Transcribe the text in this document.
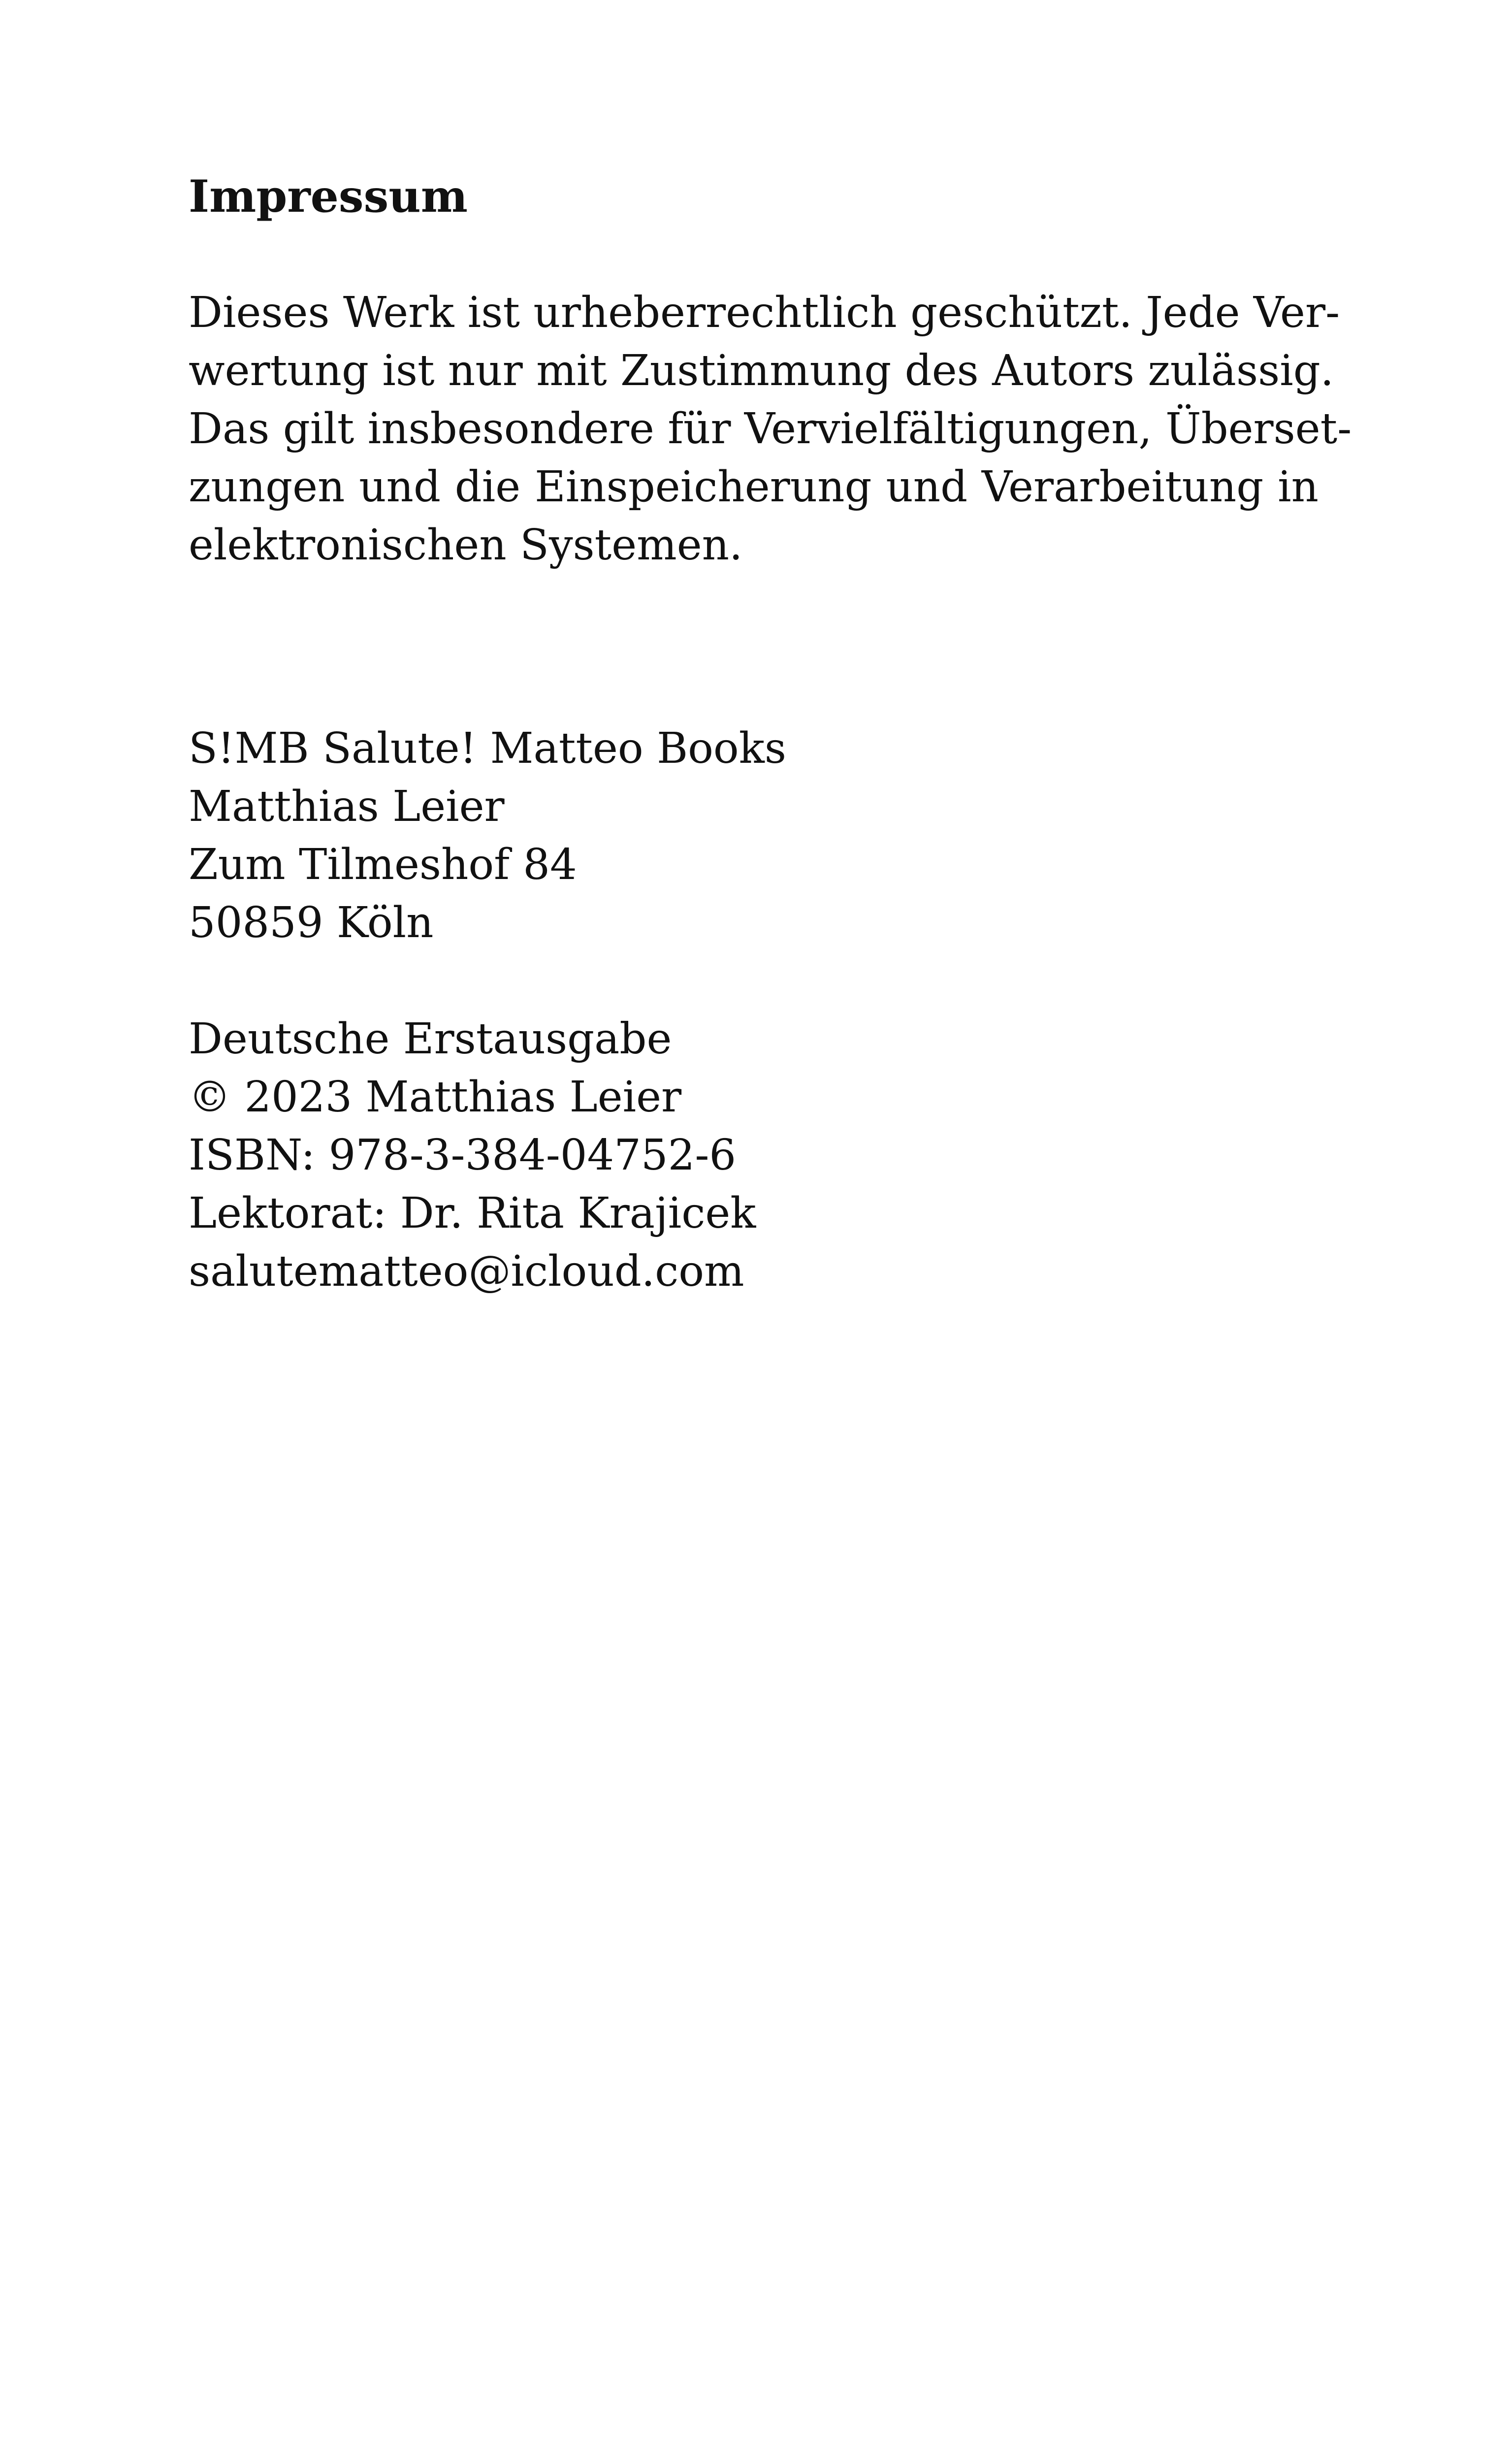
Impressum
Dieses Werk ist urheberrechtlich geschützt. Jede Ver-
wertung ist nur mit Zustimmung des Autors zulässig.
Das gilt insbesondere für Vervielfältigungen, Überset-
zungen und die Einspeicherung und Verarbeitung in
elektronischen Systemen.
S!MB Salute! Matteo Books
Matthias Leier
Zum Tilmeshof 84
50859 Köln
Deutsche Erstausgabe
© 2023 Matthias Leier
ISBN: 978-3-384-04752-6
Lektorat: Dr. Rita Krajicek
salutematteo@icloud.com
